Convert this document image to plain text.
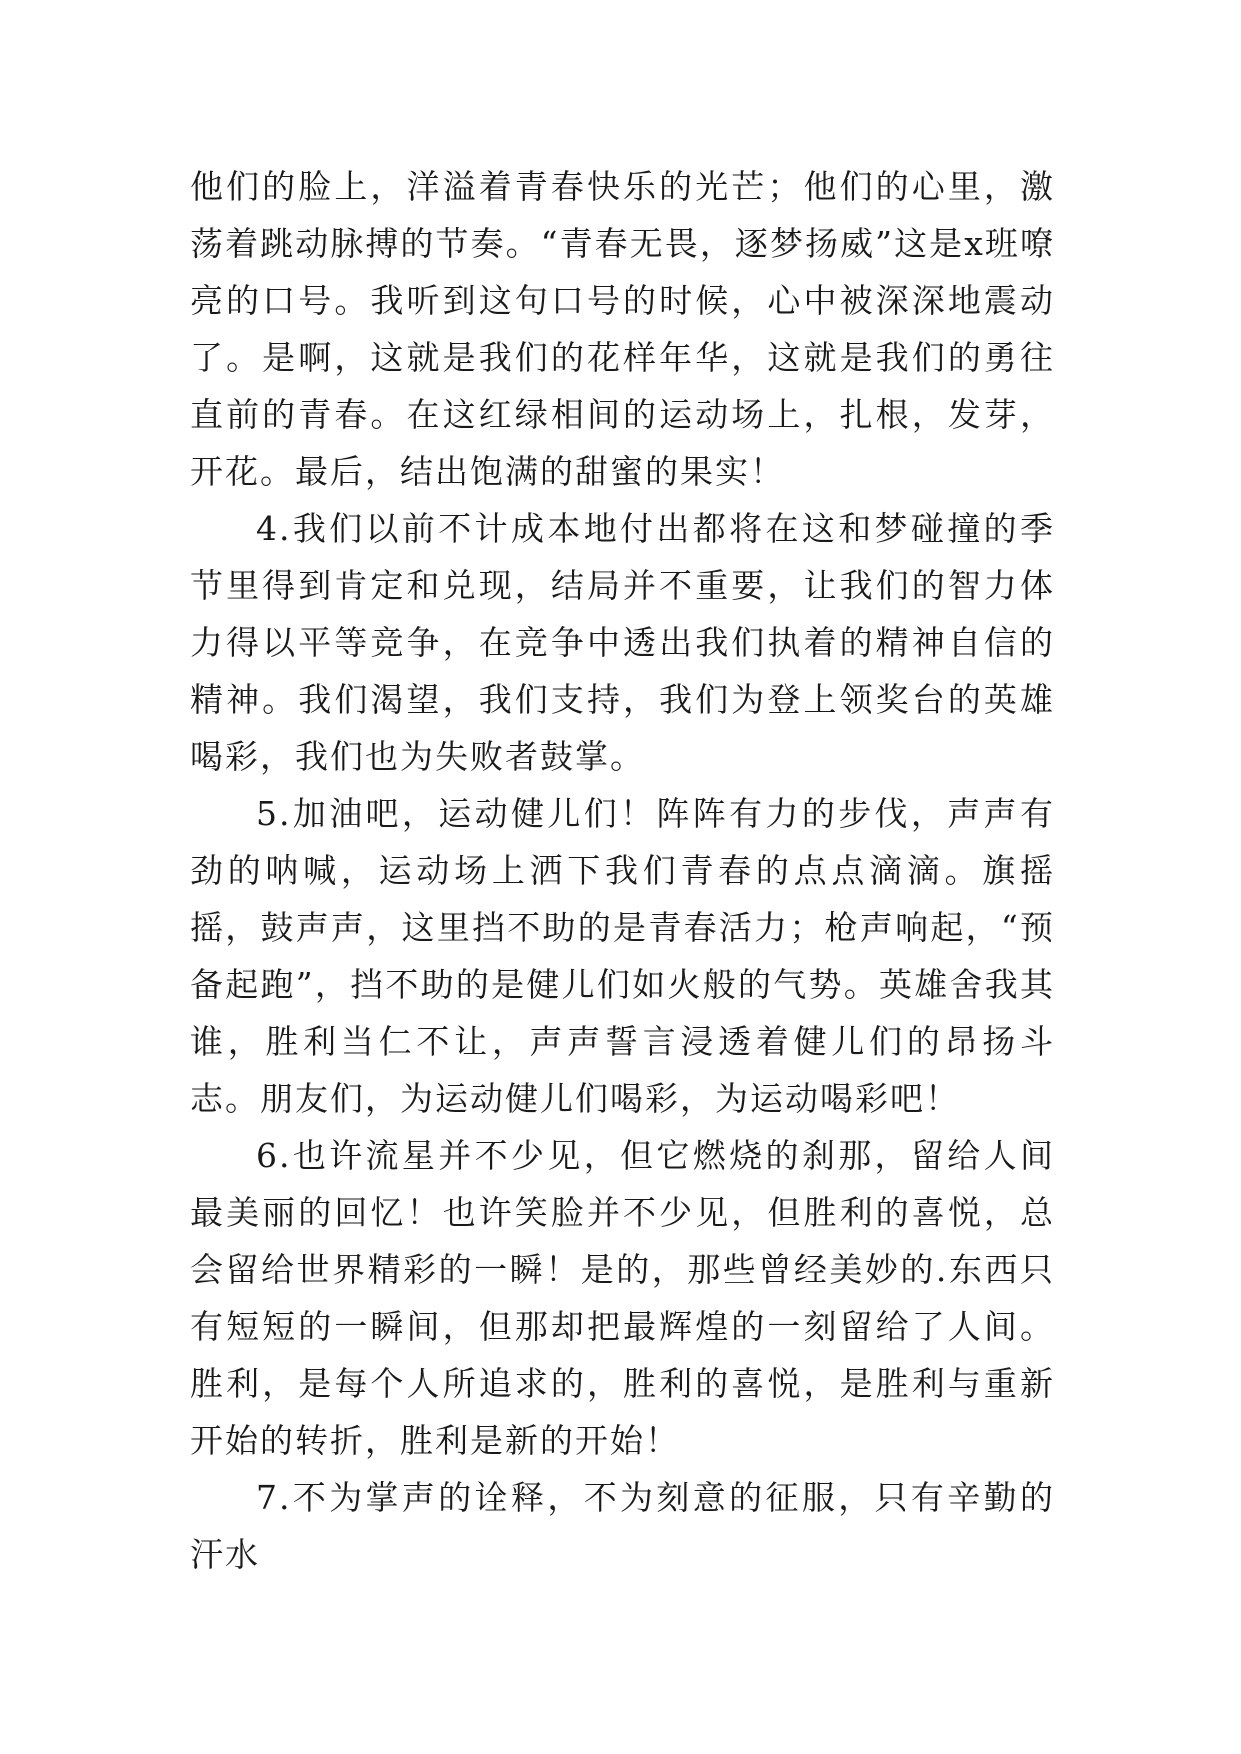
他们的脸上，洋溢着青春快乐的光芒；他们的心里，激荡着跳动脉搏的节奏。“青春无畏，逐梦扬威”这是x班嘹亮的口号。我听到这句口号的时候，心中被深深地震动了。是啊，这就是我们的花样年华，这就是我们的勇往直前的青春。在这红绿相间的运动场上，扎根，发芽，开花。最后，结出饱满的甜蜜的果实！

4.我们以前不计成本地付出都将在这和梦碰撞的季节里得到肯定和兑现，结局并不重要，让我们的智力体力得以平等竞争，在竞争中透出我们执着的精神自信的精神。我们渴望，我们支持，我们为登上领奖台的英雄喝彩，我们也为失败者鼓掌。

5.加油吧，运动健儿们！阵阵有力的步伐，声声有劲的呐喊，运动场上洒下我们青春的点点滴滴。旗摇摇，鼓声声，这里挡不助的是青春活力；枪声响起，“预备起跑”，挡不助的是健儿们如火般的气势。英雄舍我其谁，胜利当仁不让，声声誓言浸透着健儿们的昂扬斗志。朋友们，为运动健儿们喝彩，为运动喝彩吧！

6.也许流星并不少见，但它燃烧的刹那，留给人间最美丽的回忆！也许笑脸并不少见，但胜利的喜悦，总会留给世界精彩的一瞬！是的，那些曾经美妙的.东西只有短短的一瞬间，但那却把最辉煌的一刻留给了人间。胜利，是每个人所追求的，胜利的喜悦，是胜利与重新开始的转折，胜利是新的开始！

7.不为掌声的诠释，不为刻意的征服，只有辛勤的汗水
